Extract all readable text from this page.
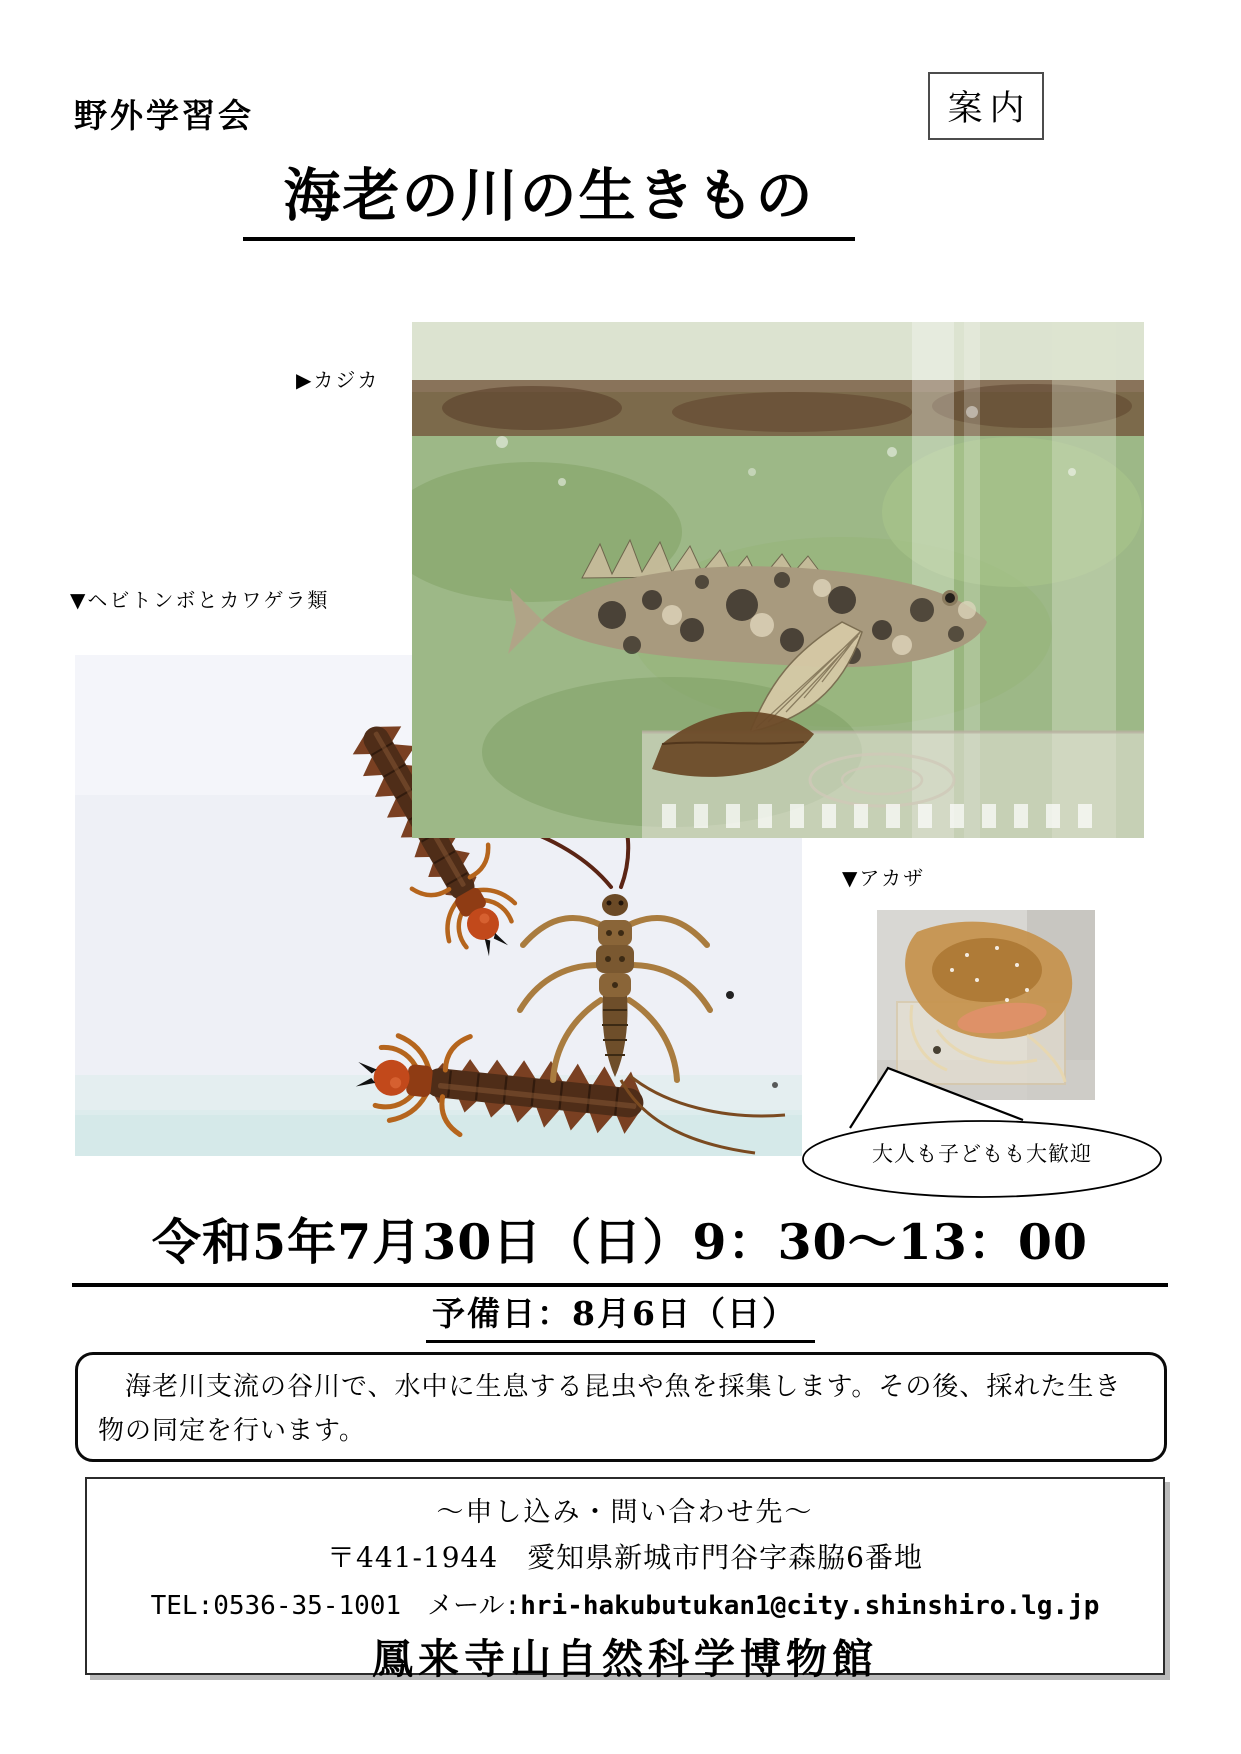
野外学習会	案内
海老の川の生きもの
▶カジカ
▼ヘビトンボとカワゲラ類
▼アカザ
大人も子どもも大歓迎
令和5年7月30日（日）9：30～13：00
予備日：8月6日（日）
　海老川支流の谷川で、水中に生息する昆虫や魚を採集します。その後、採れた生き物の同定を行います。
～申し込み・問い合わせ先～
〒441-1944　愛知県新城市門谷字森脇6番地
TEL:0536-35-1001　メール:hri-hakubutukan1@city.shinshiro.lg.jp
鳳来寺山自然科学博物館
